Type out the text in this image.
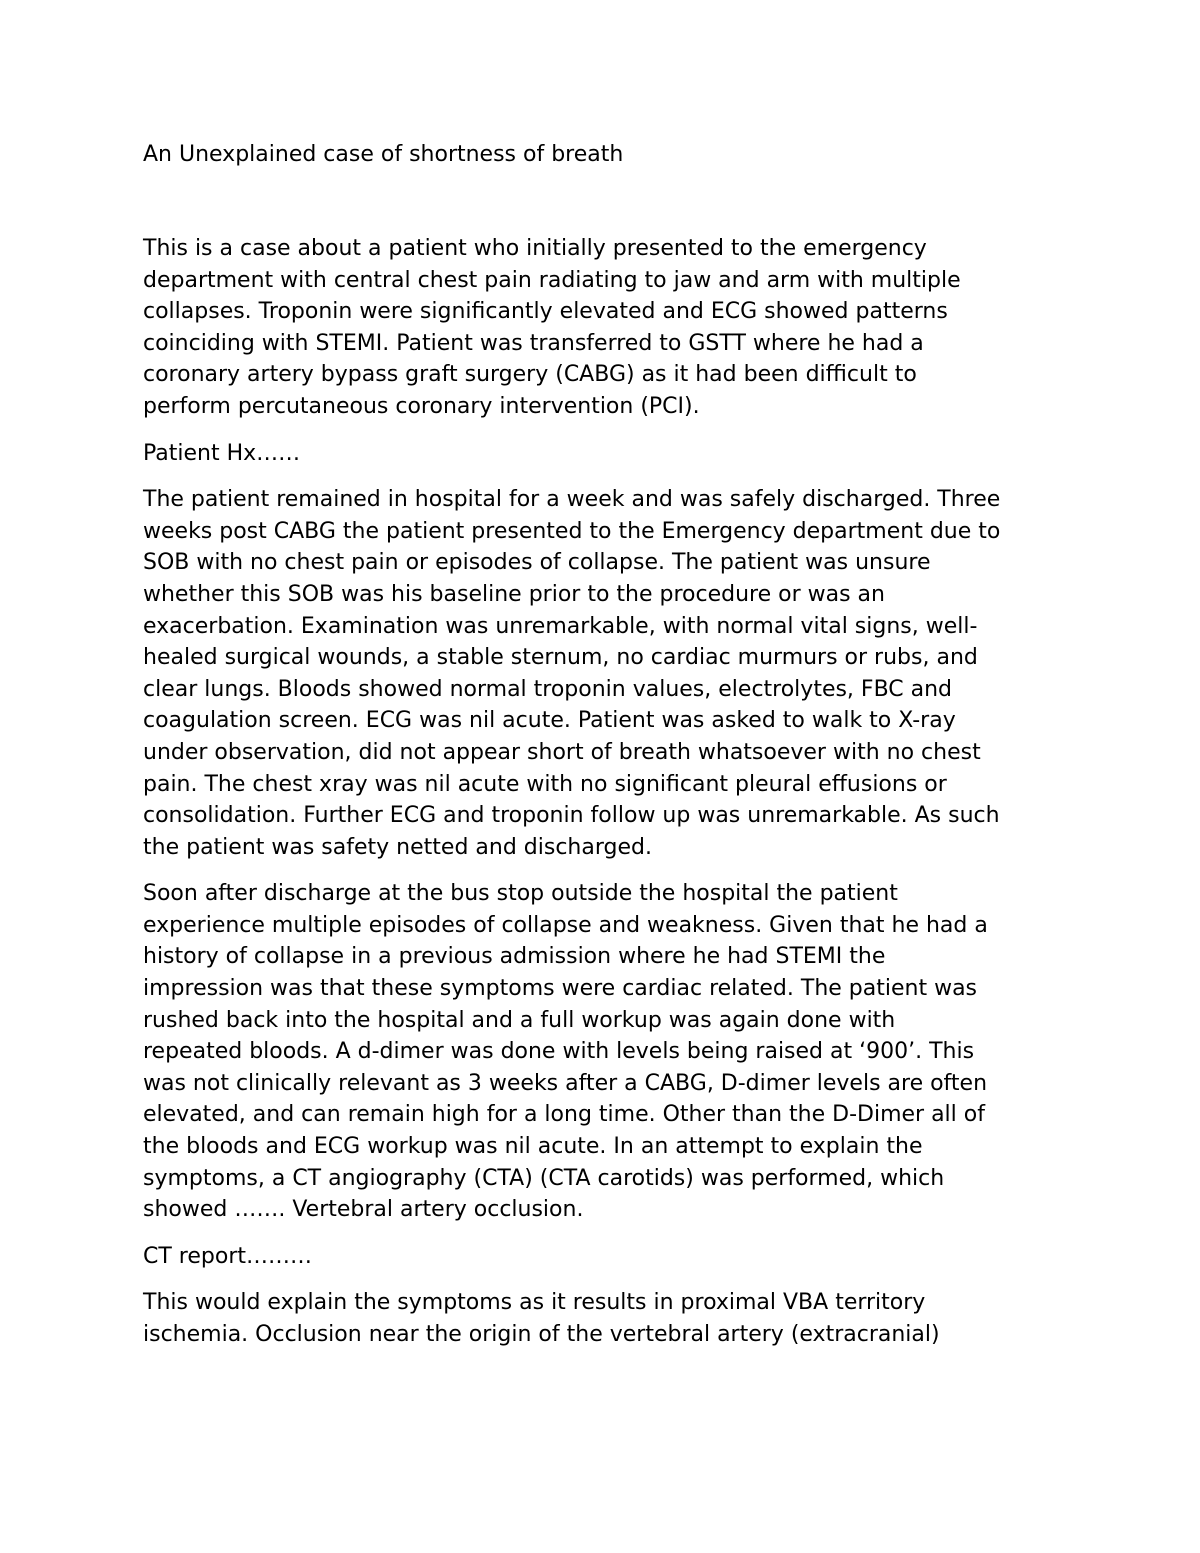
An Unexplained case of shortness of breath
This is a case about a patient who initially presented to the emergency
department with central chest pain radiating to jaw and arm with multiple
collapses. Troponin were significantly elevated and ECG showed patterns
coinciding with STEMI. Patient was transferred to GSTT where he had a
coronary artery bypass graft surgery (CABG) as it had been difficult to
perform percutaneous coronary intervention (PCI).
Patient Hx……
The patient remained in hospital for a week and was safely discharged. Three
weeks post CABG the patient presented to the Emergency department due to
SOB with no chest pain or episodes of collapse. The patient was unsure
whether this SOB was his baseline prior to the procedure or was an
exacerbation. Examination was unremarkable, with normal vital signs, well-
healed surgical wounds, a stable sternum, no cardiac murmurs or rubs, and
clear lungs. Bloods showed normal troponin values, electrolytes, FBC and
coagulation screen. ECG was nil acute. Patient was asked to walk to X-ray
under observation, did not appear short of breath whatsoever with no chest
pain. The chest xray was nil acute with no significant pleural effusions or
consolidation. Further ECG and troponin follow up was unremarkable. As such
the patient was safety netted and discharged.
Soon after discharge at the bus stop outside the hospital the patient
experience multiple episodes of collapse and weakness. Given that he had a
history of collapse in a previous admission where he had STEMI the
impression was that these symptoms were cardiac related. The patient was
rushed back into the hospital and a full workup was again done with
repeated bloods. A d-dimer was done with levels being raised at ‘900’. This
was not clinically relevant as 3 weeks after a CABG, D-dimer levels are often
elevated, and can remain high for a long time. Other than the D-Dimer all of
the bloods and ECG workup was nil acute. In an attempt to explain the
symptoms, a CT angiography (CTA) (CTA carotids) was performed, which
showed ……. Vertebral artery occlusion.
CT report………
This would explain the symptoms as it results in proximal VBA territory
ischemia. Occlusion near the origin of the vertebral artery (extracranial)
